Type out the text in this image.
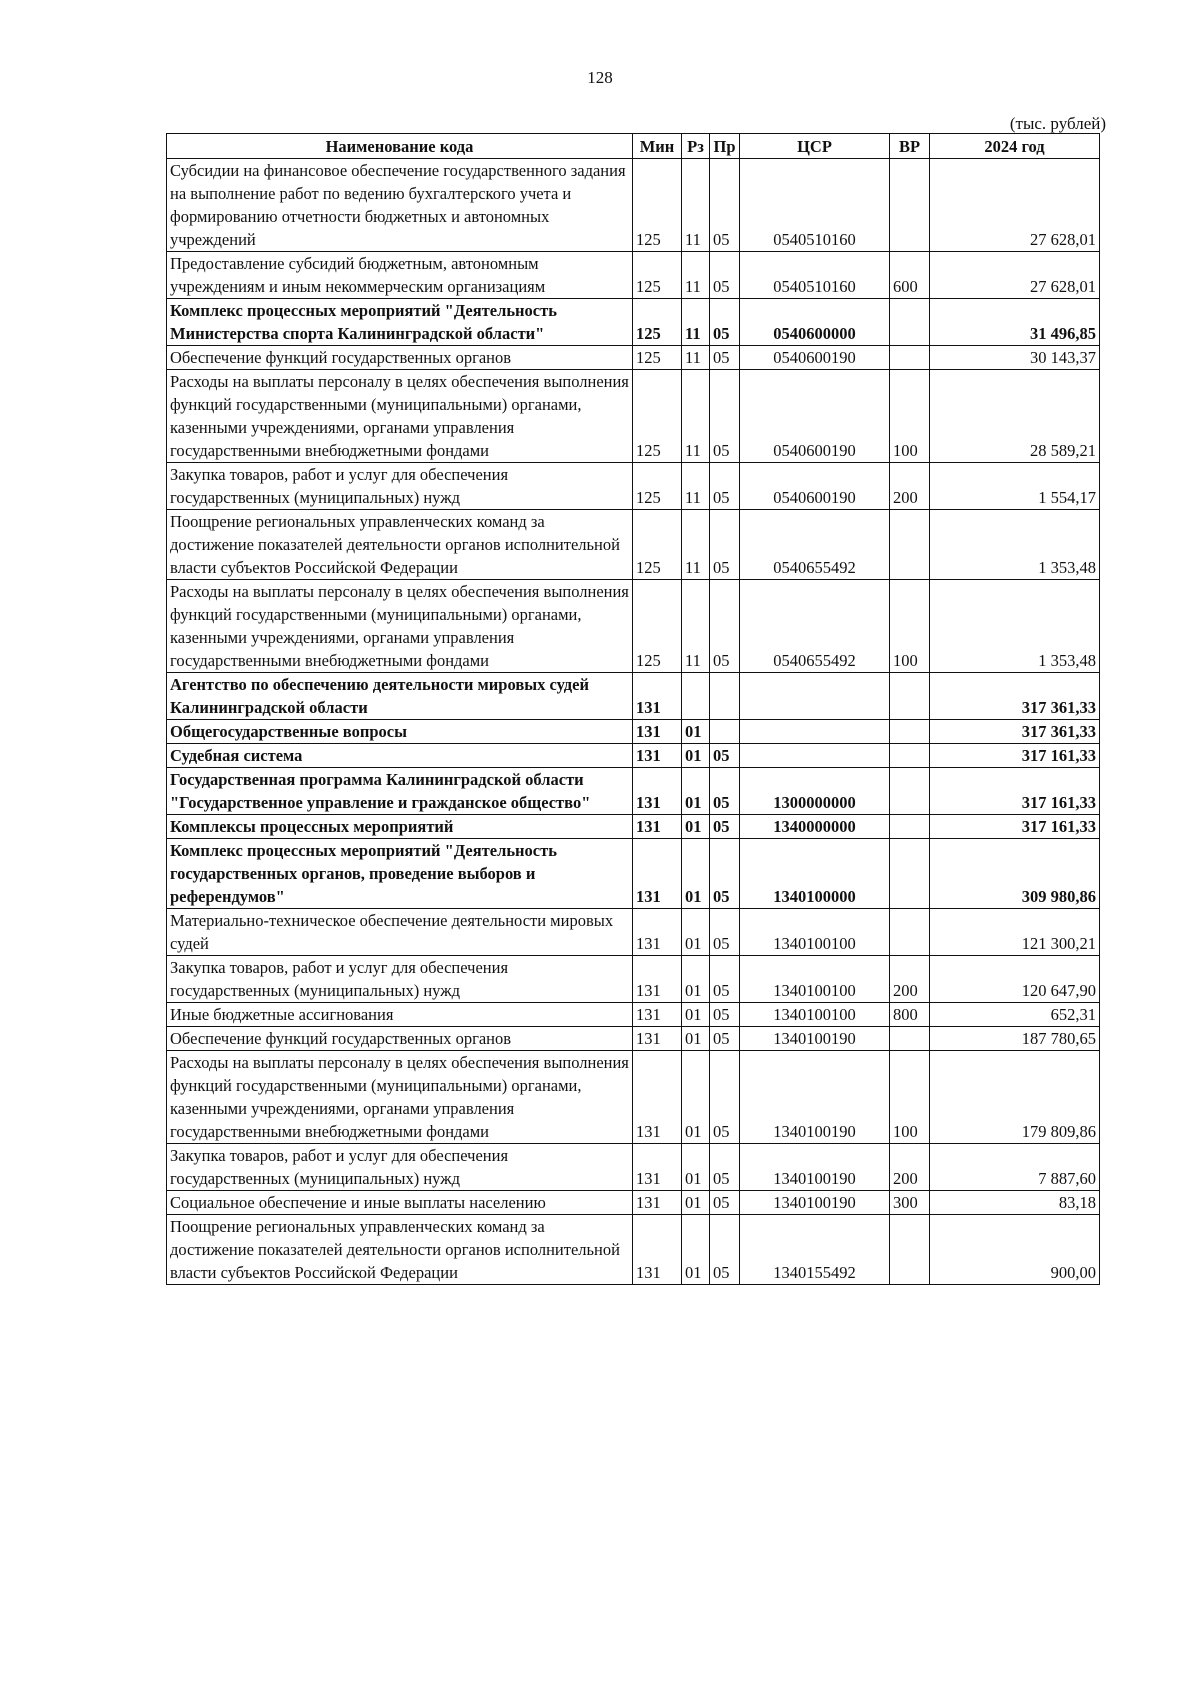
128
(тыс. рублей)
Наименование кода	Мин	Рз	Пр	ЦСР	ВР	2024 год
Субсидии на финансовое обеспечение государственного задания на выполнение работ по ведению бухгалтерского учета и формированию отчетности бюджетных и автономных учреждений	125	11	05	0540510160		27 628,01
Предоставление субсидий бюджетным, автономным учреждениям и иным некоммерческим организациям	125	11	05	0540510160	600	27 628,01
Комплекс процессных мероприятий "Деятельность Министерства спорта Калининградской области"	125	11	05	0540600000		31 496,85
Обеспечение функций государственных органов	125	11	05	0540600190		30 143,37
Расходы на выплаты персоналу в целях обеспечения выполнения функций государственными (муниципальными) органами, казенными учреждениями, органами управления государственными внебюджетными фондами	125	11	05	0540600190	100	28 589,21
Закупка товаров, работ и услуг для обеспечения государственных (муниципальных) нужд	125	11	05	0540600190	200	1 554,17
Поощрение региональных управленческих команд за достижение показателей деятельности органов исполнительной власти субъектов Российской Федерации	125	11	05	0540655492		1 353,48
Расходы на выплаты персоналу в целях обеспечения выполнения функций государственными (муниципальными) органами, казенными учреждениями, органами управления государственными внебюджетными фондами	125	11	05	0540655492	100	1 353,48
Агентство по обеспечению деятельности мировых судей Калининградской области	131					317 361,33
Общегосударственные вопросы	131	01				317 361,33
Судебная система	131	01	05			317 161,33
Государственная программа Калининградской области "Государственное управление и гражданское общество"	131	01	05	1300000000		317 161,33
Комплексы процессных мероприятий	131	01	05	1340000000		317 161,33
Комплекс процессных мероприятий "Деятельность государственных органов, проведение выборов и референдумов"	131	01	05	1340100000		309 980,86
Материально-техническое обеспечение деятельности мировых судей	131	01	05	1340100100		121 300,21
Закупка товаров, работ и услуг для обеспечения государственных (муниципальных) нужд	131	01	05	1340100100	200	120 647,90
Иные бюджетные ассигнования	131	01	05	1340100100	800	652,31
Обеспечение функций государственных органов	131	01	05	1340100190		187 780,65
Расходы на выплаты персоналу в целях обеспечения выполнения функций государственными (муниципальными) органами, казенными учреждениями, органами управления государственными внебюджетными фондами	131	01	05	1340100190	100	179 809,86
Закупка товаров, работ и услуг для обеспечения государственных (муниципальных) нужд	131	01	05	1340100190	200	7 887,60
Социальное обеспечение и иные выплаты населению	131	01	05	1340100190	300	83,18
Поощрение региональных управленческих команд за достижение показателей деятельности органов исполнительной власти субъектов Российской Федерации	131	01	05	1340155492		900,00
